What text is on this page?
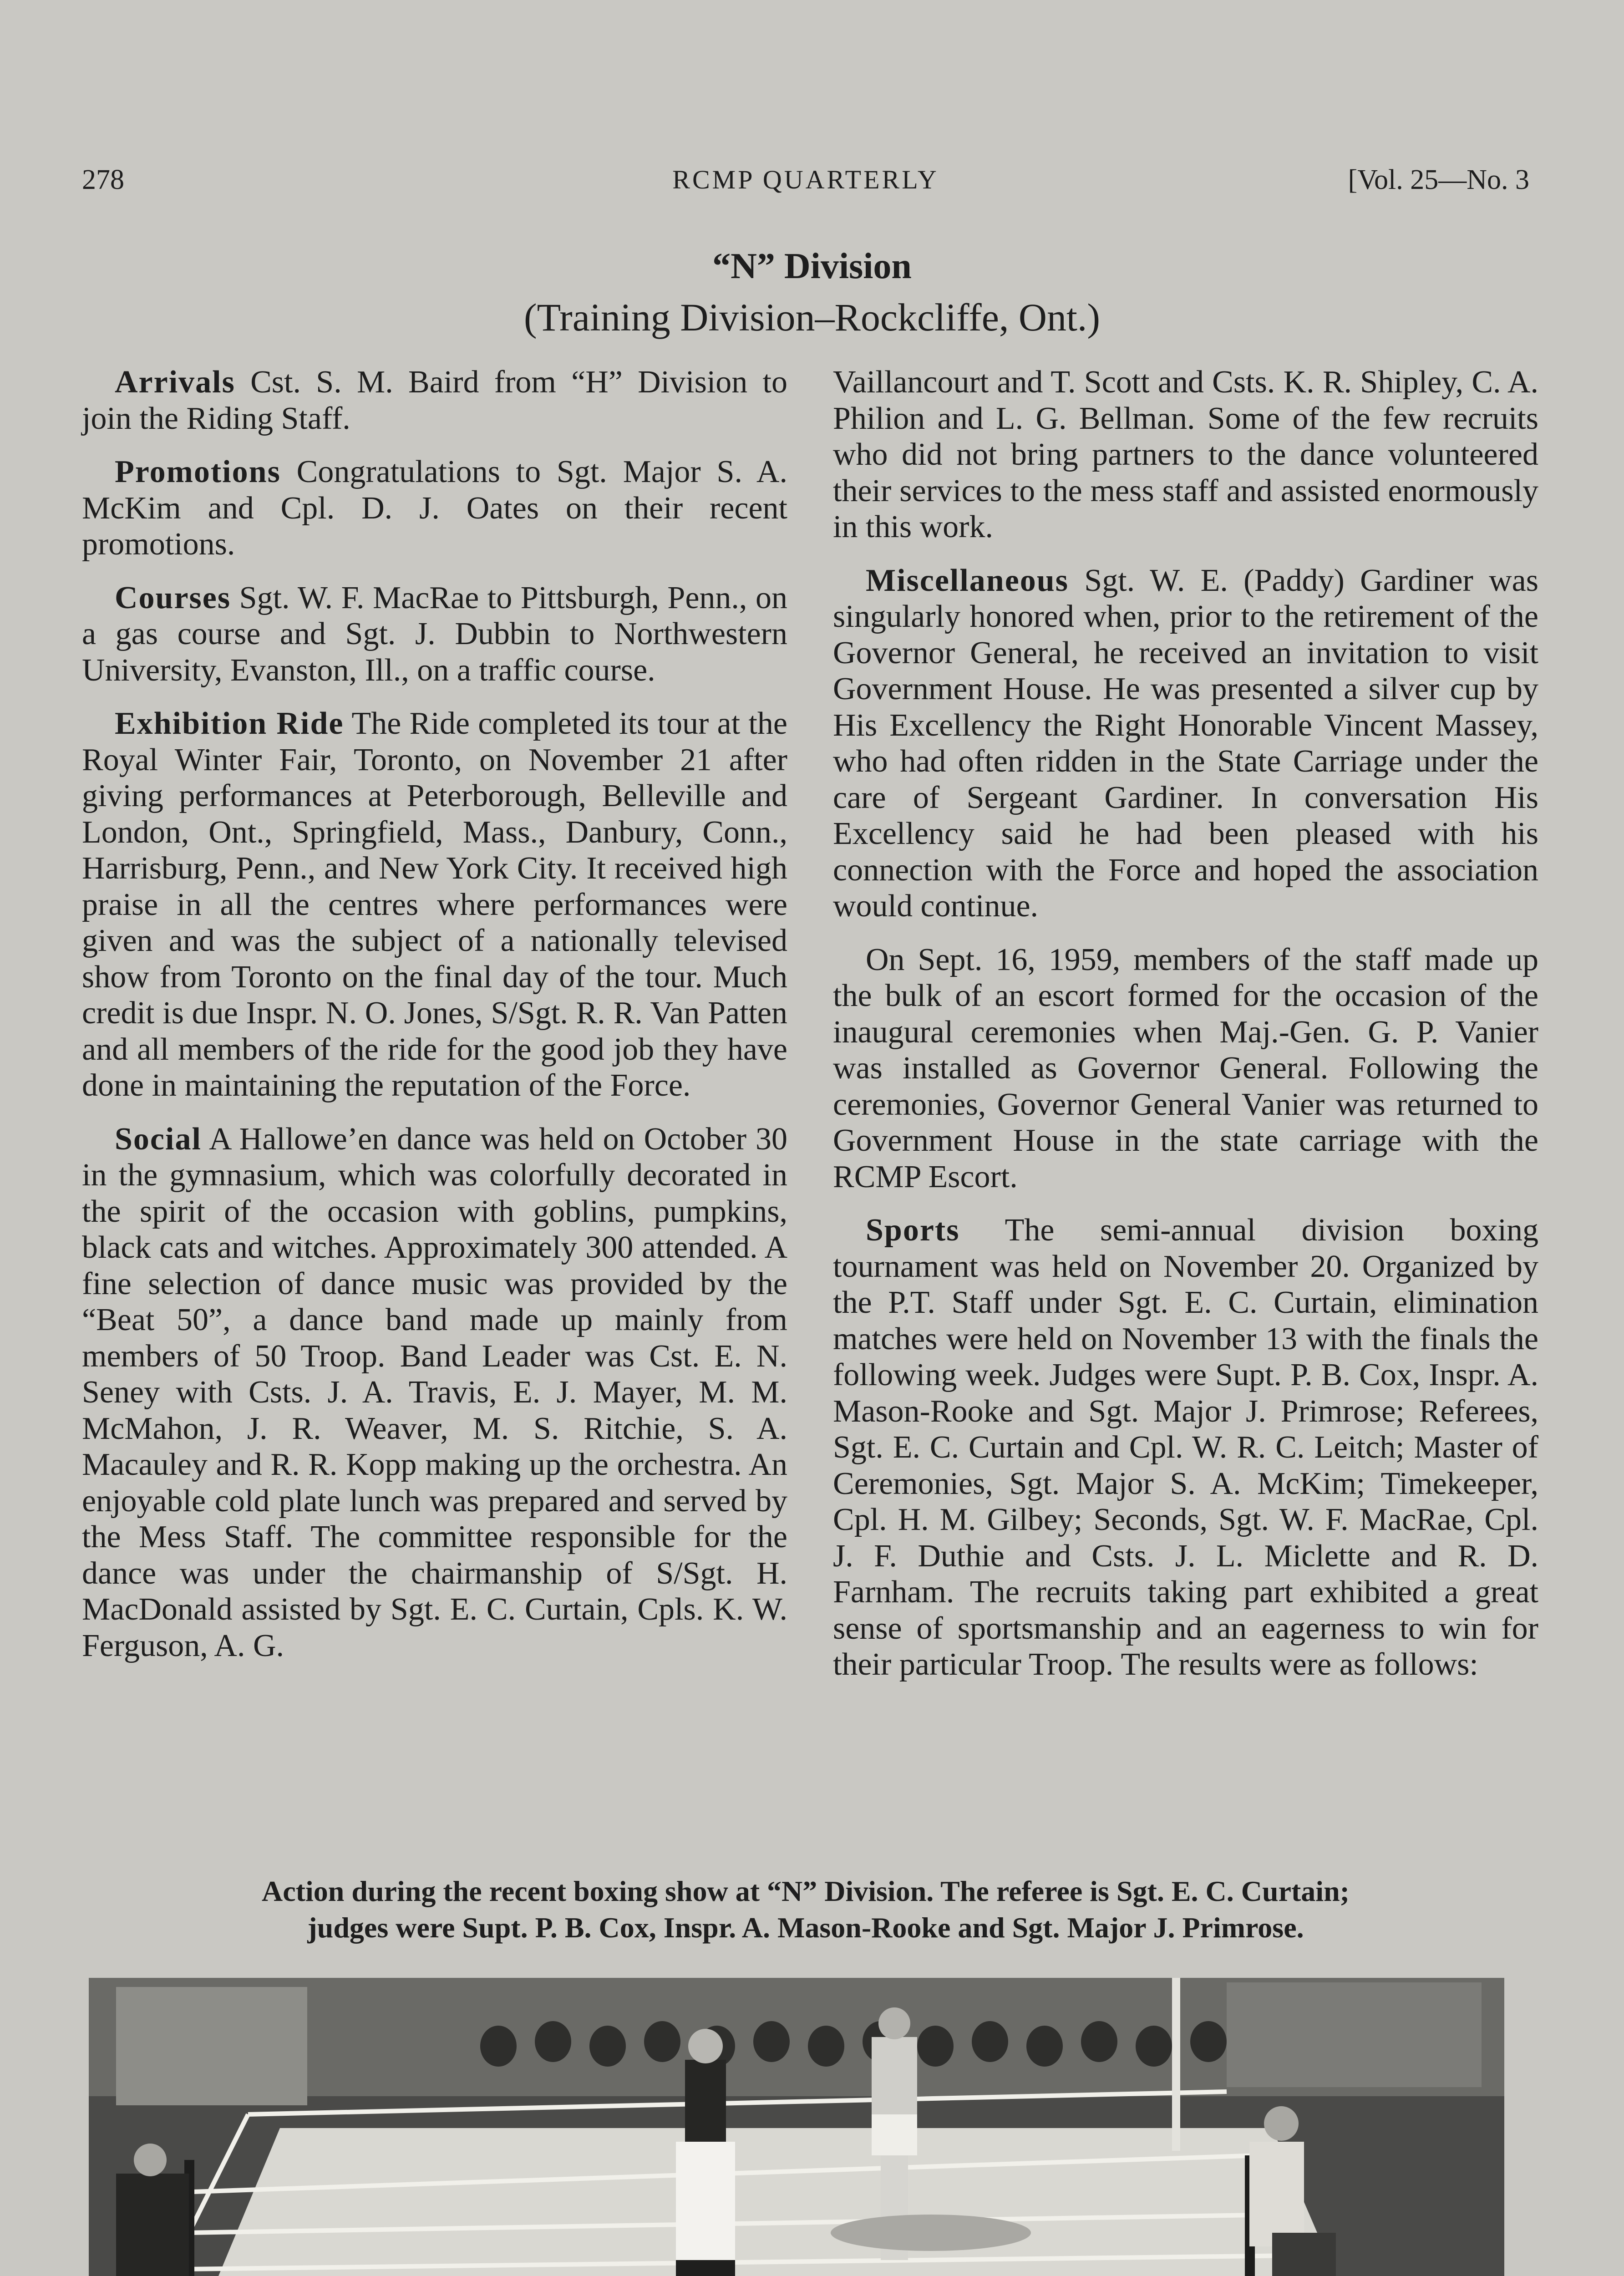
278	RCMP QUARTERLY	[Vol. 25—No. 3
“N” Division
(Training Division–Rockcliffe, Ont.)

Arrivals Cst. S. M. Baird from “H” Division to join the Riding Staff.

Promotions Congratulations to Sgt. Major S. A. McKim and Cpl. D. J. Oates on their recent promotions.

Courses Sgt. W. F. MacRae to Pittsburgh, Penn., on a gas course and Sgt. J. Dubbin to Northwestern University, Evanston, Ill., on a traffic course.

Exhibition Ride The Ride completed its tour at the Royal Winter Fair, Toronto, on November 21 after giving performances at Peterborough, Belleville and London, Ont., Springfield, Mass., Danbury, Conn., Harrisburg, Penn., and New York City. It received high praise in all the centres where performances were given and was the subject of a nationally televised show from Toronto on the final day of the tour. Much credit is due Inspr. N. O. Jones, S/Sgt. R. R. Van Patten and all members of the ride for the good job they have done in maintaining the reputation of the Force.

Social A Hallowe’en dance was held on October 30 in the gymnasium, which was colorfully decorated in the spirit of the occasion with goblins, pumpkins, black cats and witches. Approximately 300 attended. A fine selection of dance music was provided by the “Beat 50”, a dance band made up mainly from members of 50 Troop. Band Leader was Cst. E. N. Seney with Csts. J. A. Travis, E. J. Mayer, M. M. McMahon, J. R. Weaver, M. S. Ritchie, S. A. Macauley and R. R. Kopp making up the orchestra. An enjoyable cold plate lunch was prepared and served by the Mess Staff. The committee responsible for the dance was under the chairmanship of S/Sgt. H. MacDonald assisted by Sgt. E. C. Curtain, Cpls. K. W. Ferguson, A. G.

Vaillancourt and T. Scott and Csts. K. R. Shipley, C. A. Philion and L. G. Bellman. Some of the few recruits who did not bring partners to the dance volunteered their services to the mess staff and assisted enormously in this work.

Miscellaneous Sgt. W. E. (Paddy) Gardiner was singularly honored when, prior to the retirement of the Governor General, he received an invitation to visit Government House. He was presented a silver cup by His Excellency the Right Honorable Vincent Massey, who had often ridden in the State Carriage under the care of Sergeant Gardiner. In conversation His Excellency said he had been pleased with his connection with the Force and hoped the association would continue.

On Sept. 16, 1959, members of the staff made up the bulk of an escort formed for the occasion of the inaugural ceremonies when Maj.-Gen. G. P. Vanier was installed as Governor General. Following the ceremonies, Governor General Vanier was returned to Government House in the state carriage with the RCMP Escort.

Sports The semi-annual division boxing tournament was held on November 20. Organized by the P.T. Staff under Sgt. E. C. Curtain, elimination matches were held on November 13 with the finals the following week. Judges were Supt. P. B. Cox, Inspr. A. Mason-Rooke and Sgt. Major J. Primrose; Referees, Sgt. E. C. Curtain and Cpl. W. R. C. Leitch; Master of Ceremonies, Sgt. Major S. A. McKim; Timekeeper, Cpl. H. M. Gilbey; Seconds, Sgt. W. F. MacRae, Cpl. J. F. Duthie and Csts. J. L. Miclette and R. D. Farnham. The recruits taking part exhibited a great sense of sportsmanship and an eagerness to win for their particular Troop. The results were as follows:

Action during the recent boxing show at “N” Division. The referee is Sgt. E. C. Curtain;
judges were Supt. P. B. Cox, Inspr. A. Mason-Rooke and Sgt. Major J. Primrose.
